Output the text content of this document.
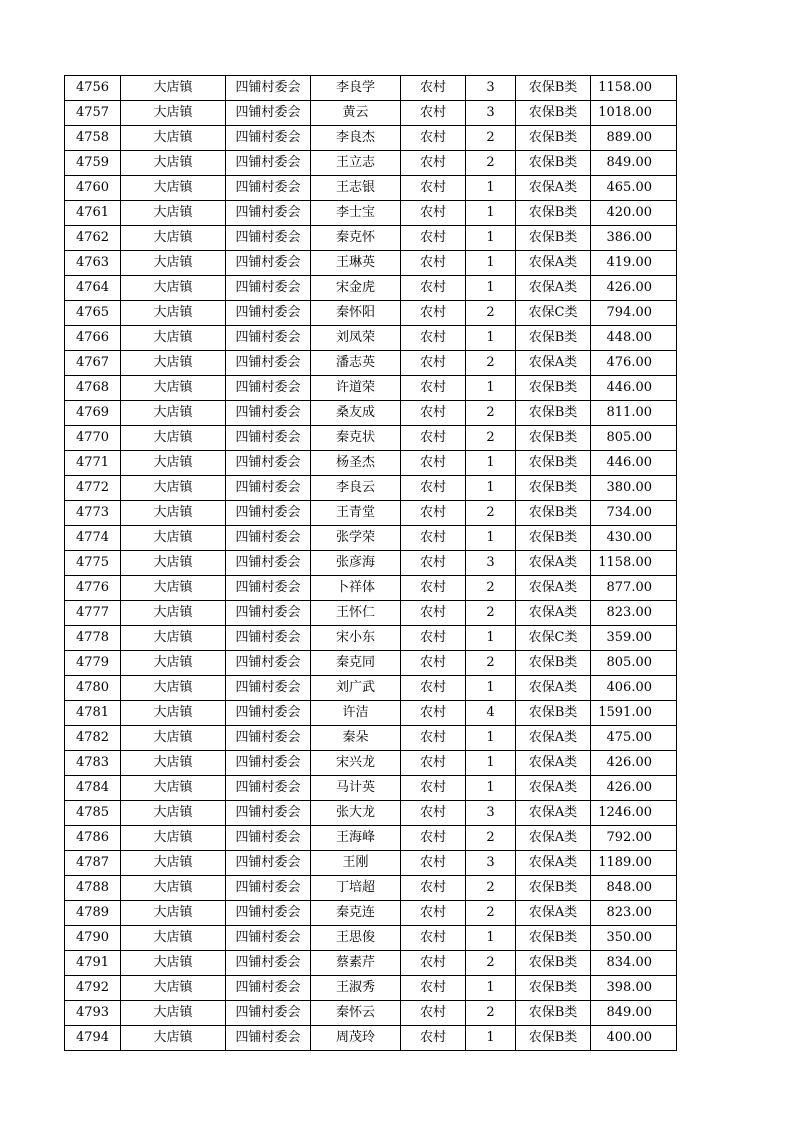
4756	大店镇	四铺村委会	李良学	农村	3	农保B类	1158.00
4757	大店镇	四铺村委会	黄云	农村	3	农保B类	1018.00
4758	大店镇	四铺村委会	李良杰	农村	2	农保B类	889.00
4759	大店镇	四铺村委会	王立志	农村	2	农保B类	849.00
4760	大店镇	四铺村委会	王志银	农村	1	农保A类	465.00
4761	大店镇	四铺村委会	李士宝	农村	1	农保B类	420.00
4762	大店镇	四铺村委会	秦克怀	农村	1	农保B类	386.00
4763	大店镇	四铺村委会	王琳英	农村	1	农保A类	419.00
4764	大店镇	四铺村委会	宋金虎	农村	1	农保A类	426.00
4765	大店镇	四铺村委会	秦怀阳	农村	2	农保C类	794.00
4766	大店镇	四铺村委会	刘凤荣	农村	1	农保B类	448.00
4767	大店镇	四铺村委会	潘志英	农村	2	农保A类	476.00
4768	大店镇	四铺村委会	许道荣	农村	1	农保B类	446.00
4769	大店镇	四铺村委会	桑友成	农村	2	农保B类	811.00
4770	大店镇	四铺村委会	秦克状	农村	2	农保B类	805.00
4771	大店镇	四铺村委会	杨圣杰	农村	1	农保B类	446.00
4772	大店镇	四铺村委会	李良云	农村	1	农保B类	380.00
4773	大店镇	四铺村委会	王青堂	农村	2	农保B类	734.00
4774	大店镇	四铺村委会	张学荣	农村	1	农保B类	430.00
4775	大店镇	四铺村委会	张彦海	农村	3	农保A类	1158.00
4776	大店镇	四铺村委会	卜祥体	农村	2	农保A类	877.00
4777	大店镇	四铺村委会	王怀仁	农村	2	农保A类	823.00
4778	大店镇	四铺村委会	宋小东	农村	1	农保C类	359.00
4779	大店镇	四铺村委会	秦克同	农村	2	农保B类	805.00
4780	大店镇	四铺村委会	刘广武	农村	1	农保A类	406.00
4781	大店镇	四铺村委会	许洁	农村	4	农保B类	1591.00
4782	大店镇	四铺村委会	秦朵	农村	1	农保A类	475.00
4783	大店镇	四铺村委会	宋兴龙	农村	1	农保A类	426.00
4784	大店镇	四铺村委会	马计英	农村	1	农保A类	426.00
4785	大店镇	四铺村委会	张大龙	农村	3	农保A类	1246.00
4786	大店镇	四铺村委会	王海峰	农村	2	农保A类	792.00
4787	大店镇	四铺村委会	王刚	农村	3	农保A类	1189.00
4788	大店镇	四铺村委会	丁培超	农村	2	农保B类	848.00
4789	大店镇	四铺村委会	秦克连	农村	2	农保A类	823.00
4790	大店镇	四铺村委会	王思俊	农村	1	农保B类	350.00
4791	大店镇	四铺村委会	蔡素芹	农村	2	农保B类	834.00
4792	大店镇	四铺村委会	王淑秀	农村	1	农保B类	398.00
4793	大店镇	四铺村委会	秦怀云	农村	2	农保B类	849.00
4794	大店镇	四铺村委会	周茂玲	农村	1	农保B类	400.00
